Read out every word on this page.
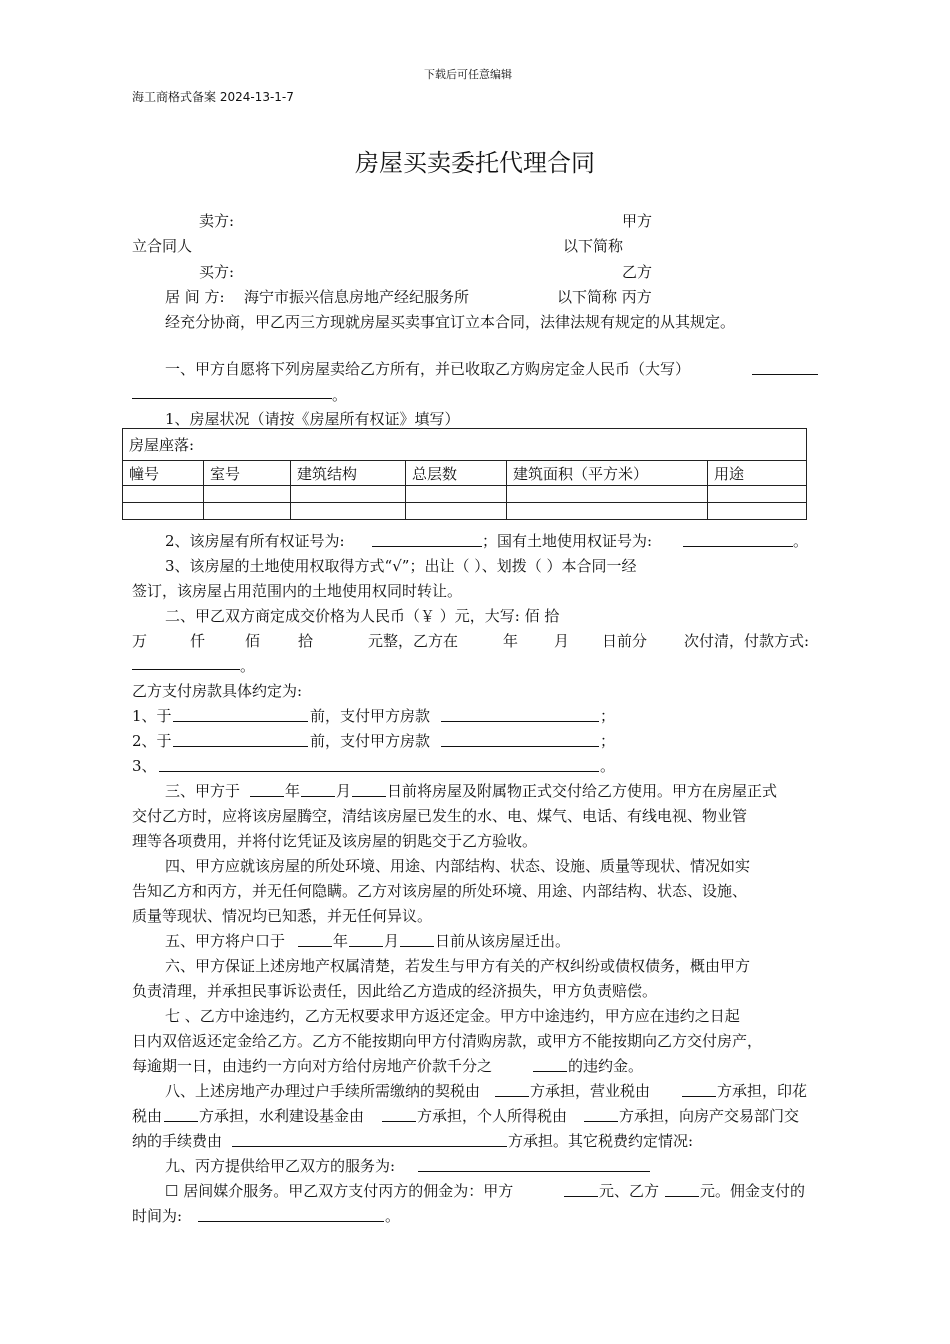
下载后可任意编辑
海工商格式备案 2024-13-1-7
房屋买卖委托代理合同
卖方:	甲方
立合同人	以下简称
买方:	乙方
居 间 方: 海宁市振兴信息房地产经纪服务所	以下简称 丙方
经充分协商，甲乙丙三方现就房屋买卖事宜订立本合同，法律法规有规定的从其规定。
一、甲方自愿将下列房屋卖给乙方所有，并已收取乙方购房定金人民币（大写）
。
1、房屋状况（请按《房屋所有权证》填写）
房屋座落:					
幢号	室号	建筑结构	总层数	建筑面积（平方米）	用途

2、该房屋有所有权证号为:	；国有土地使用权证号为:	。
3、该房屋的土地使用权取得方式“√”；出让（ ）、划拨（ ）本合同一经
签订，该房屋占用范围内的土地使用权同时转让。
二、甲乙双方商定成交价格为人民币（￥ ）元，大写: 佰 拾
万	仟	佰	拾	元整，乙方在	年 月 日前分 次付清，付款方式:
。
乙方支付房款具体约定为:
1、于	前，支付甲方房款	；
2、于	前，支付甲方房款	；
3、	。
三、甲方于	年 月 日前将房屋及附属物正式交付给乙方使用。甲方在房屋正式
交付乙方时，应将该房屋腾空，清结该房屋已发生的水、电、煤气、电话、有线电视、物业管
理等各项费用，并将付讫凭证及该房屋的钥匙交于乙方验收。
四、甲方应就该房屋的所处环境、用途、内部结构、状态、设施、质量等现状、情况如实
告知乙方和丙方，并无任何隐瞒。乙方对该房屋的所处环境、用途、内部结构、状态、设施、
质量等现状、情况均已知悉，并无任何异议。
五、甲方将户口于	年 月 日前从该房屋迁出。
六、甲方保证上述房地产权属清楚，若发生与甲方有关的产权纠纷或债权债务，概由甲方
负责清理，并承担民事诉讼责任，因此给乙方造成的经济损失，甲方负责赔偿。
七 、乙方中途违约，乙方无权要求甲方返还定金。甲方中途违约，甲方应在违约之日起
日内双倍返还定金给乙方。乙方不能按期向甲方付清购房款，或甲方不能按期向乙方交付房产，
每逾期一日，由违约一方向对方给付房地产价款千分之	的违约金。
八、上述房地产办理过户手续所需缴纳的契税由	方承担，营业税由	方承担，印花
税由 方承担，水利建设基金由	方承担，个人所得税由	方承担，向房产交易部门交
纳的手续费由	方承担。其它税费约定情况:
九、丙方提供给甲乙双方的服务为:
☐ 居间媒介服务。甲乙双方支付丙方的佣金为：甲方	元、乙方	元。佣金支付的
时间为:	。
